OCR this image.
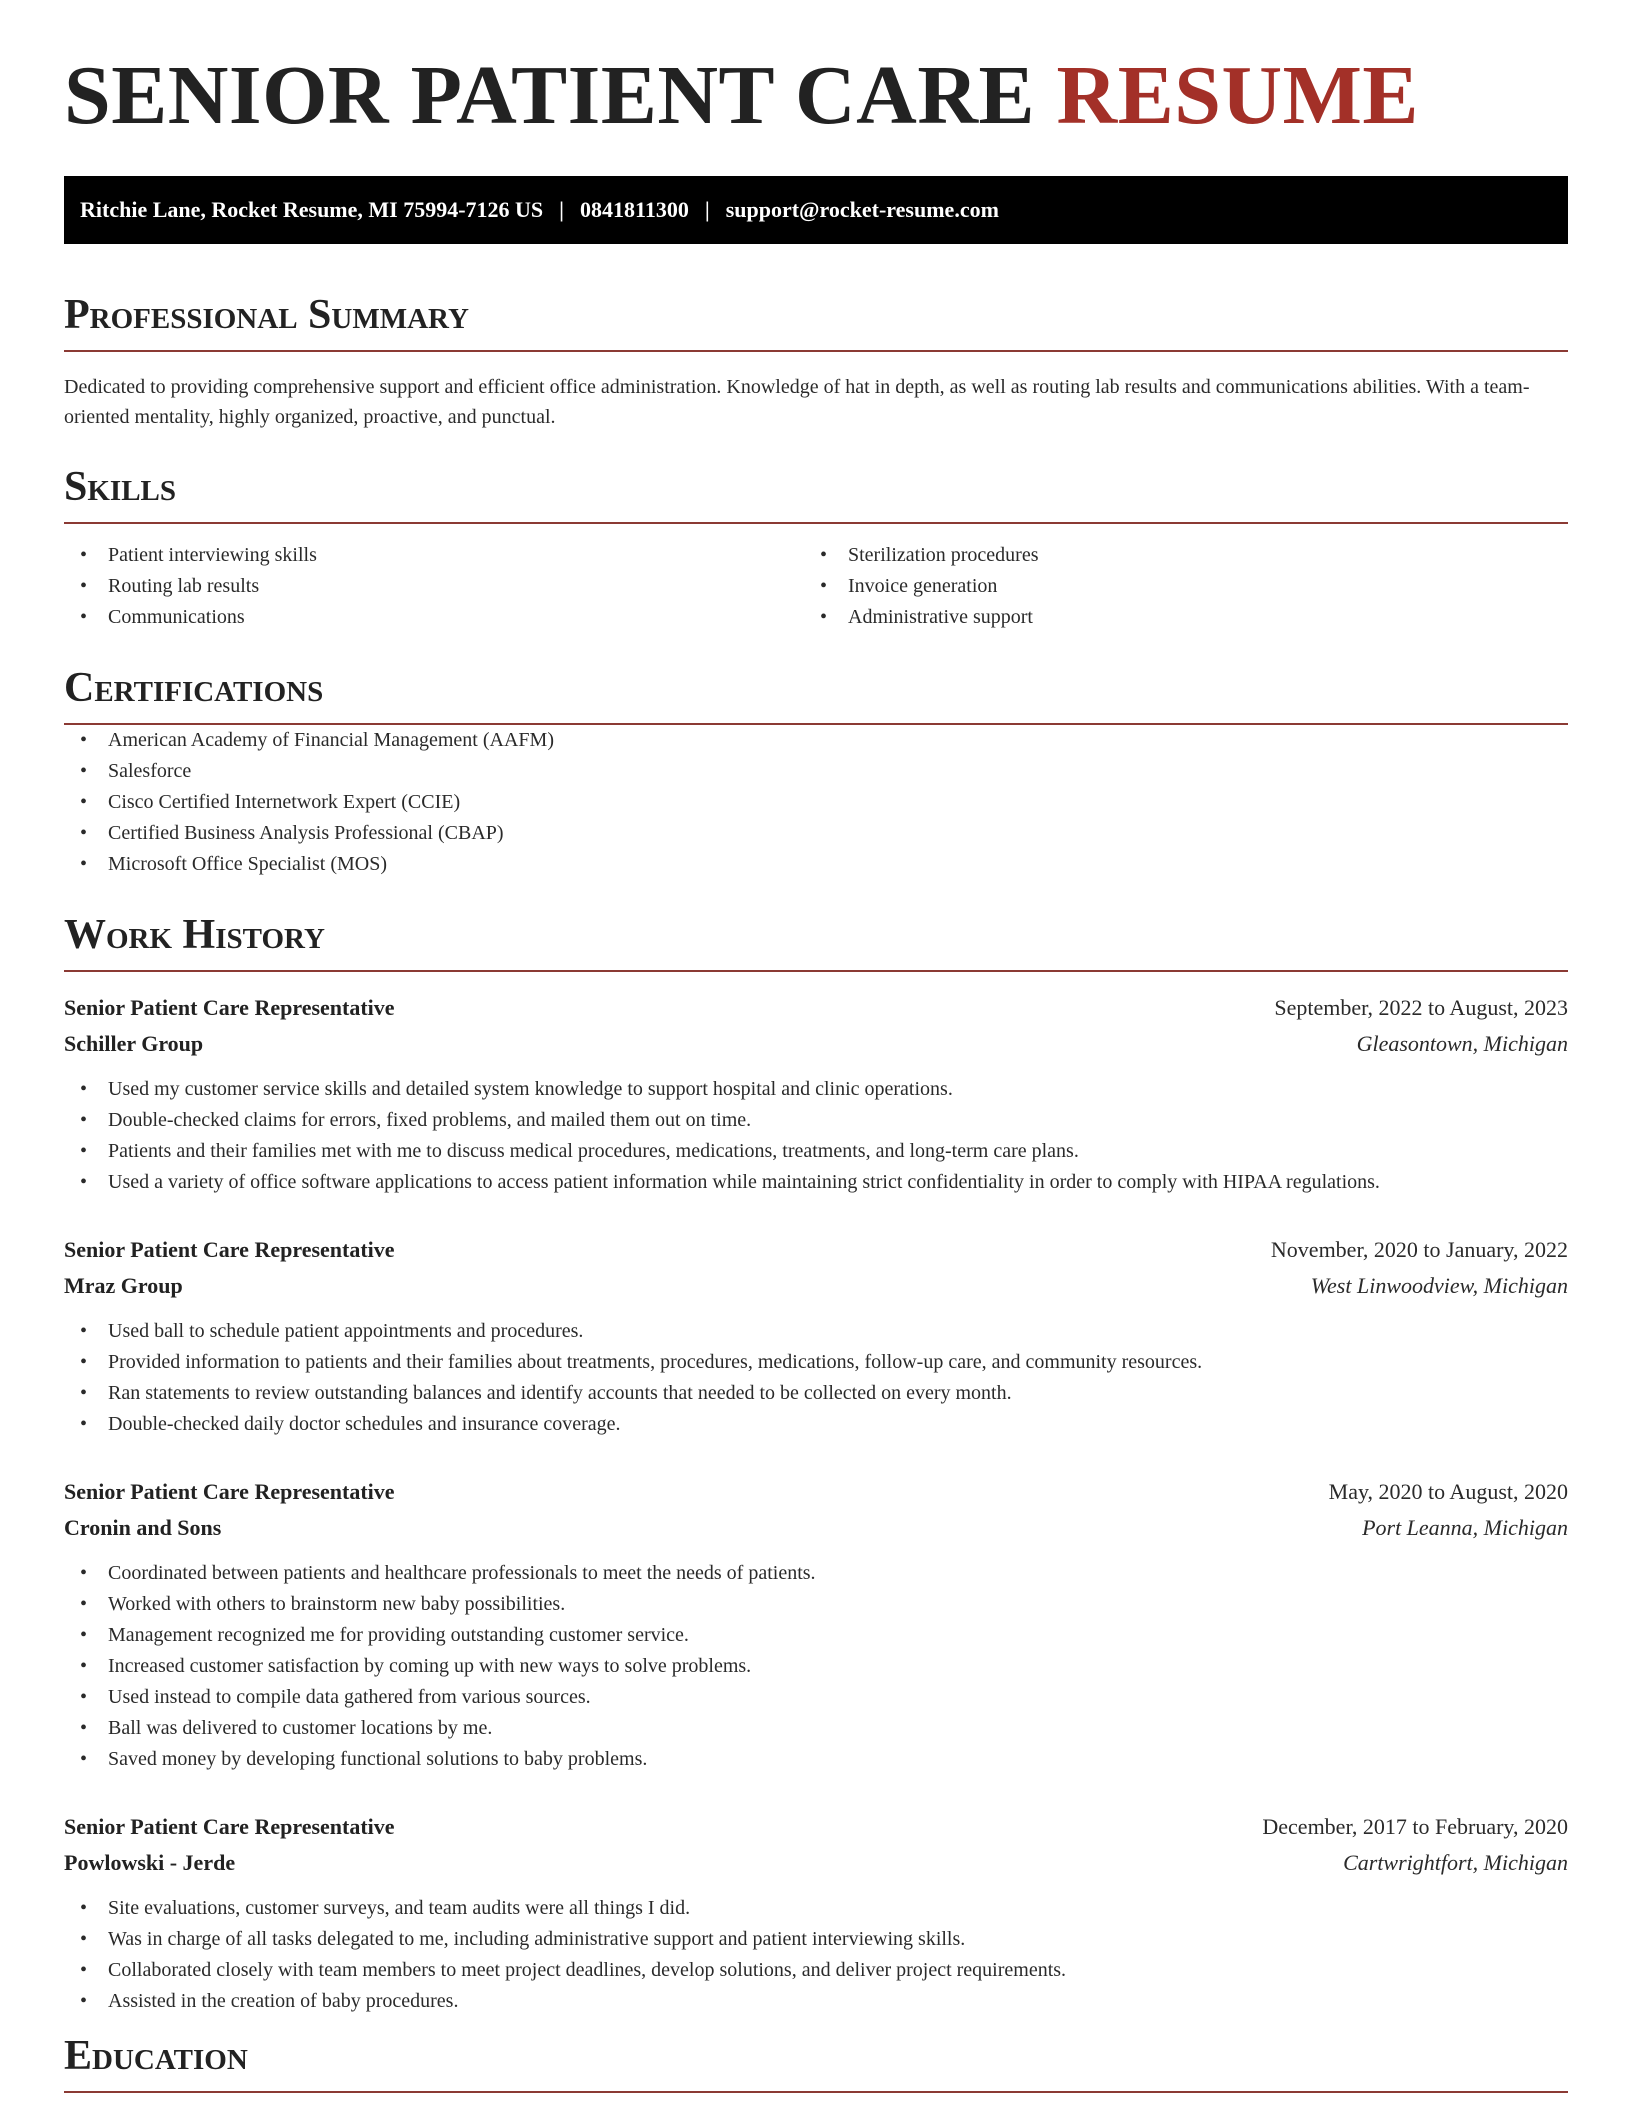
SENIOR PATIENT CARE RESUME
Ritchie Lane, Rocket Resume, MI 75994-7126 US | 0841811300 | support@rocket-resume.com
Professional Summary

Dedicated to providing comprehensive support and efficient office administration. Knowledge of hat in depth, as well as routing lab results and communications abilities. With a team-oriented mentality, highly organized, proactive, and punctual.

Skills
• Patient interviewing skills
• Routing lab results
• Communications
• Sterilization procedures
• Invoice generation
• Administrative support
Certifications
• American Academy of Financial Management (AAFM)
• Salesforce
• Cisco Certified Internetwork Expert (CCIE)
• Certified Business Analysis Professional (CBAP)
• Microsoft Office Specialist (MOS)
Work History
Senior Patient Care Representative	September, 2022 to August, 2023
Schiller Group	Gleasontown, Michigan
• Used my customer service skills and detailed system knowledge to support hospital and clinic operations.
• Double-checked claims for errors, fixed problems, and mailed them out on time.
• Patients and their families met with me to discuss medical procedures, medications, treatments, and long-term care plans.
• Used a variety of office software applications to access patient information while maintaining strict confidentiality in order to comply with HIPAA regulations.
Senior Patient Care Representative	November, 2020 to January, 2022
Mraz Group	West Linwoodview, Michigan
• Used ball to schedule patient appointments and procedures.
• Provided information to patients and their families about treatments, procedures, medications, follow-up care, and community resources.
• Ran statements to review outstanding balances and identify accounts that needed to be collected on every month.
• Double-checked daily doctor schedules and insurance coverage.
Senior Patient Care Representative	May, 2020 to August, 2020
Cronin and Sons	Port Leanna, Michigan
• Coordinated between patients and healthcare professionals to meet the needs of patients.
• Worked with others to brainstorm new baby possibilities.
• Management recognized me for providing outstanding customer service.
• Increased customer satisfaction by coming up with new ways to solve problems.
• Used instead to compile data gathered from various sources.
• Ball was delivered to customer locations by me.
• Saved money by developing functional solutions to baby problems.
Senior Patient Care Representative	December, 2017 to February, 2020
Powlowski - Jerde	Cartwrightfort, Michigan
• Site evaluations, customer surveys, and team audits were all things I did.
• Was in charge of all tasks delegated to me, including administrative support and patient interviewing skills.
• Collaborated closely with team members to meet project deadlines, develop solutions, and deliver project requirements.
• Assisted in the creation of baby procedures.
Education
